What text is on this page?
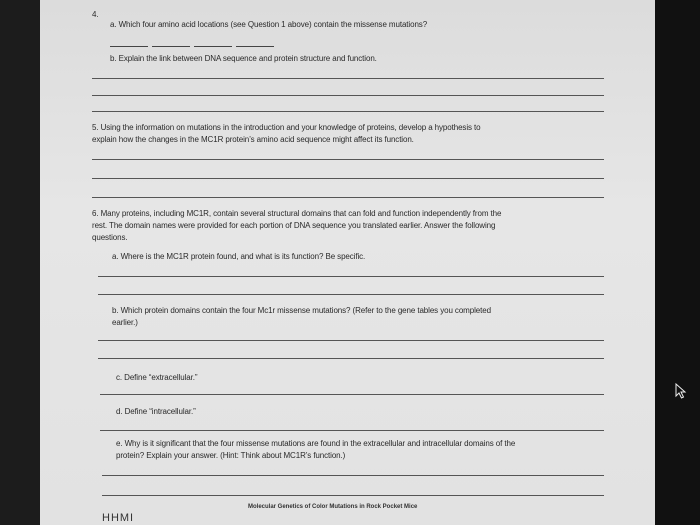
4.
a. Which four amino acid locations (see Question 1 above) contain the missense mutations?
b. Explain the link between DNA sequence and protein structure and function.
5. Using the information on mutations in the introduction and your knowledge of proteins, develop a hypothesis to
explain how the changes in the MC1R protein’s amino acid sequence might affect its function.
6. Many proteins, including MC1R, contain several structural domains that can fold and function independently from the
rest. The domain names were provided for each portion of DNA sequence you translated earlier. Answer the following
questions.
a. Where is the MC1R protein found, and what is its function? Be specific.
b. Which protein domains contain the four Mc1r missense mutations? (Refer to the gene tables you completed
earlier.)
c. Define “extracellular.”
d. Define “intracellular.”
e. Why is it significant that the four missense mutations are found in the extracellular and intracellular domains of the
protein? Explain your answer. (Hint: Think about MC1R’s function.)
Molecular Genetics of Color Mutations in Rock Pocket Mice
HHMI
